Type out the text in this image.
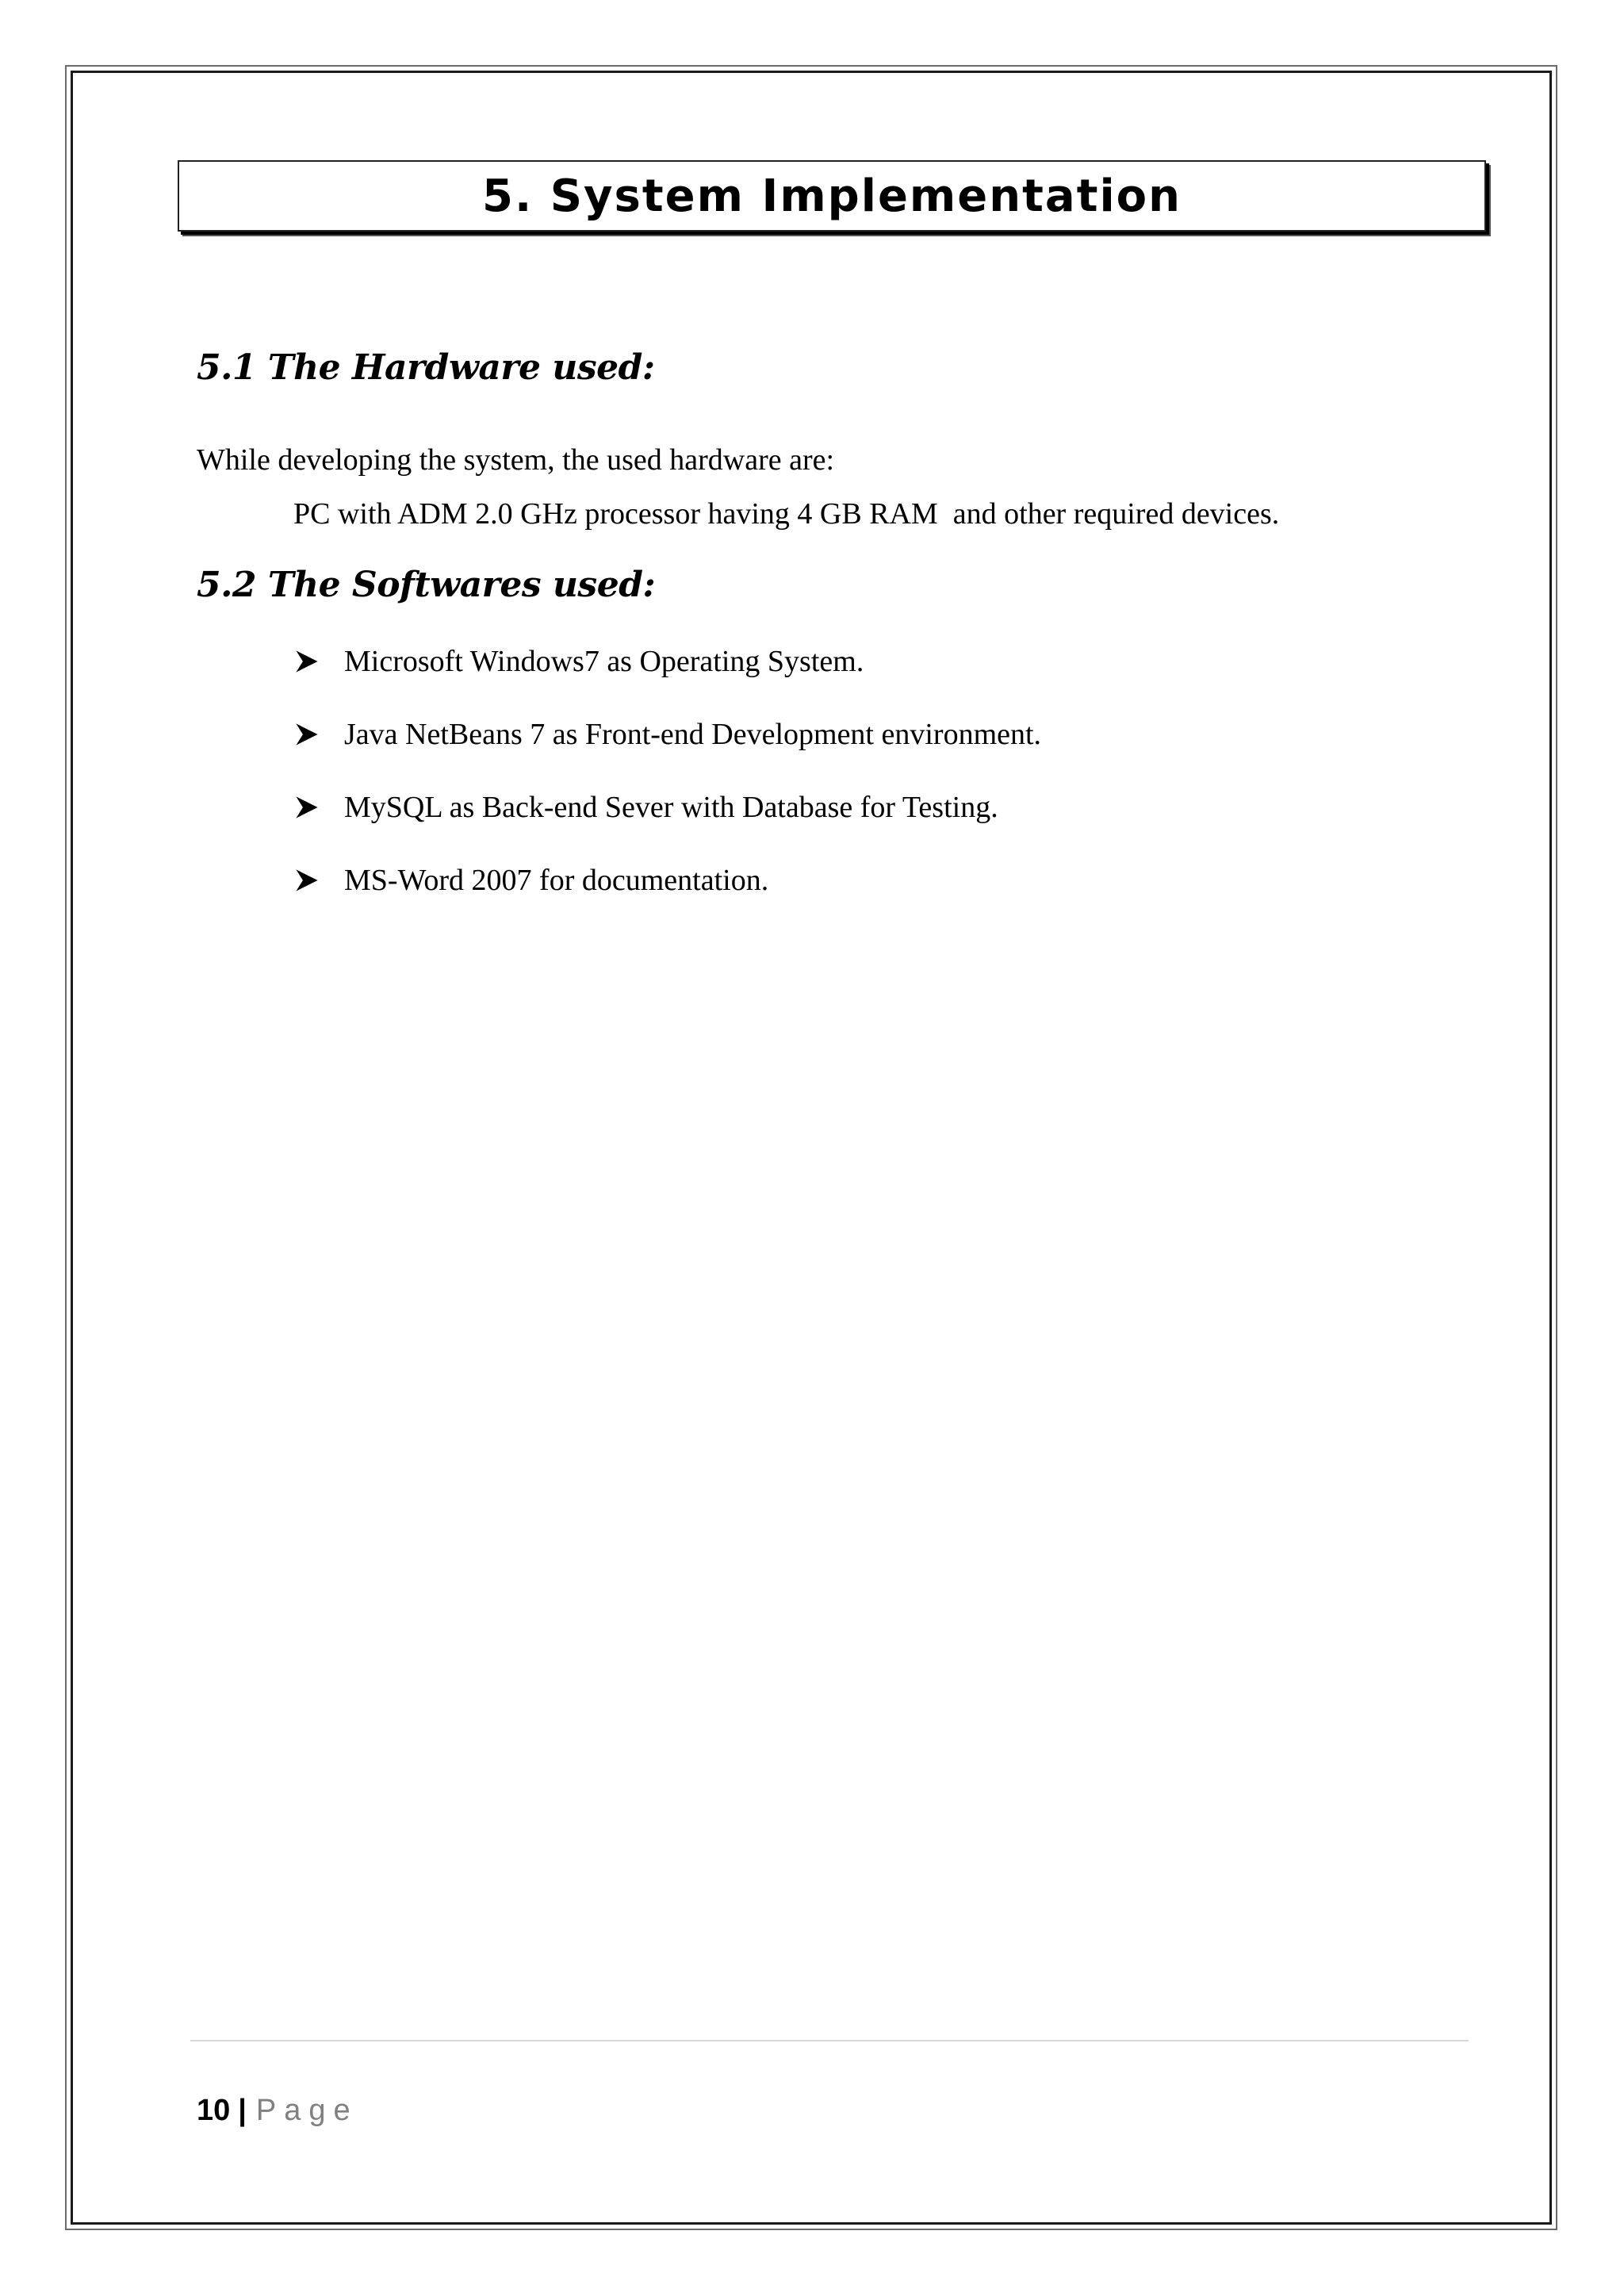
5. System Implementation
5.1 The Hardware used:

While developing the system, the used hardware are:

PC with ADM 2.0 GHz processor having 4 GB RAM  and other required devices.

5.2 The Softwares used:
Microsoft Windows7 as Operating System.
Java NetBeans 7 as Front-end Development environment.
MySQL as Back-end Sever with Database for Testing.
MS-Word 2007 for documentation.
10 | Page
